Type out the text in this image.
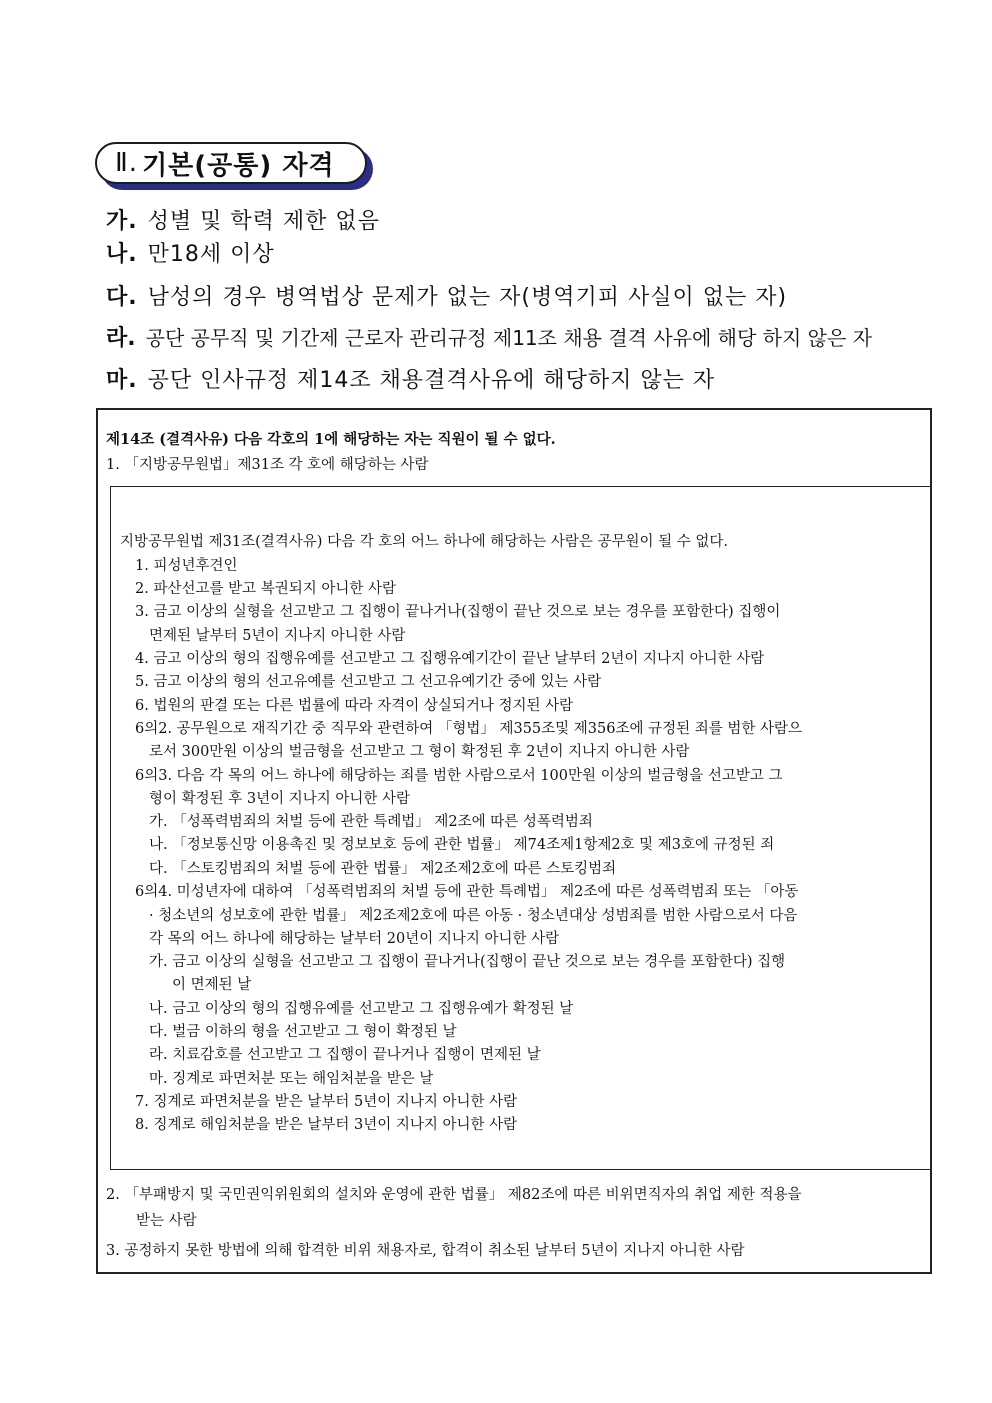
Ⅱ. 기본(공통) 자격
가. 성별 및 학력 제한 없음
나. 만18세 이상
다. 남성의 경우 병역법상 문제가 없는 자(병역기피 사실이 없는 자)
라. 공단 공무직 및 기간제 근로자 관리규정 제11조 채용 결격 사유에 해당 하지 않은 자
마. 공단 인사규정 제14조 채용결격사유에 해당하지 않는 자
제14조 (결격사유) 다음 각호의 1에 해당하는 자는 직원이 될 수 없다.
1. 「지방공무원법」제31조 각 호에 해당하는 사람
지방공무원법 제31조(결격사유) 다음 각 호의 어느 하나에 해당하는 사람은 공무원이 될 수 없다.
1. 피성년후견인
2. 파산선고를 받고 복권되지 아니한 사람
3. 금고 이상의 실형을 선고받고 그 집행이 끝나거나(집행이 끝난 것으로 보는 경우를 포함한다) 집행이
면제된 날부터 5년이 지나지 아니한 사람
4. 금고 이상의 형의 집행유예를 선고받고 그 집행유예기간이 끝난 날부터 2년이 지나지 아니한 사람
5. 금고 이상의 형의 선고유예를 선고받고 그 선고유예기간 중에 있는 사람
6. 법원의 판결 또는 다른 법률에 따라 자격이 상실되거나 정지된 사람
6의2. 공무원으로 재직기간 중 직무와 관련하여 「형법」 제355조및 제356조에 규정된 죄를 범한 사람으
로서 300만원 이상의 벌금형을 선고받고 그 형이 확정된 후 2년이 지나지 아니한 사람
6의3. 다음 각 목의 어느 하나에 해당하는 죄를 범한 사람으로서 100만원 이상의 벌금형을 선고받고 그
형이 확정된 후 3년이 지나지 아니한 사람
가. 「성폭력범죄의 처벌 등에 관한 특례법」 제2조에 따른 성폭력범죄
나. 「정보통신망 이용촉진 및 정보보호 등에 관한 법률」 제74조제1항제2호 및 제3호에 규정된 죄
다. 「스토킹범죄의 처벌 등에 관한 법률」 제2조제2호에 따른 스토킹범죄
6의4. 미성년자에 대하여 「성폭력범죄의 처벌 등에 관한 특례법」 제2조에 따른 성폭력범죄 또는 「아동
· 청소년의 성보호에 관한 법률」 제2조제2호에 따른 아동 · 청소년대상 성범죄를 범한 사람으로서 다음
각 목의 어느 하나에 해당하는 날부터 20년이 지나지 아니한 사람
가. 금고 이상의 실형을 선고받고 그 집행이 끝나거나(집행이 끝난 것으로 보는 경우를 포함한다) 집행
이 면제된 날
나. 금고 이상의 형의 집행유예를 선고받고 그 집행유예가 확정된 날
다. 벌금 이하의 형을 선고받고 그 형이 확정된 날
라. 치료감호를 선고받고 그 집행이 끝나거나 집행이 면제된 날
마. 징계로 파면처분 또는 해임처분을 받은 날
7. 징계로 파면처분을 받은 날부터 5년이 지나지 아니한 사람
8. 징계로 해임처분을 받은 날부터 3년이 지나지 아니한 사람
2. 「부패방지 및 국민권익위원회의 설치와 운영에 관한 법률」 제82조에 따른 비위면직자의 취업 제한 적용을
받는 사람
3. 공정하지 못한 방법에 의해 합격한 비위 채용자로, 합격이 취소된 날부터 5년이 지나지 아니한 사람
